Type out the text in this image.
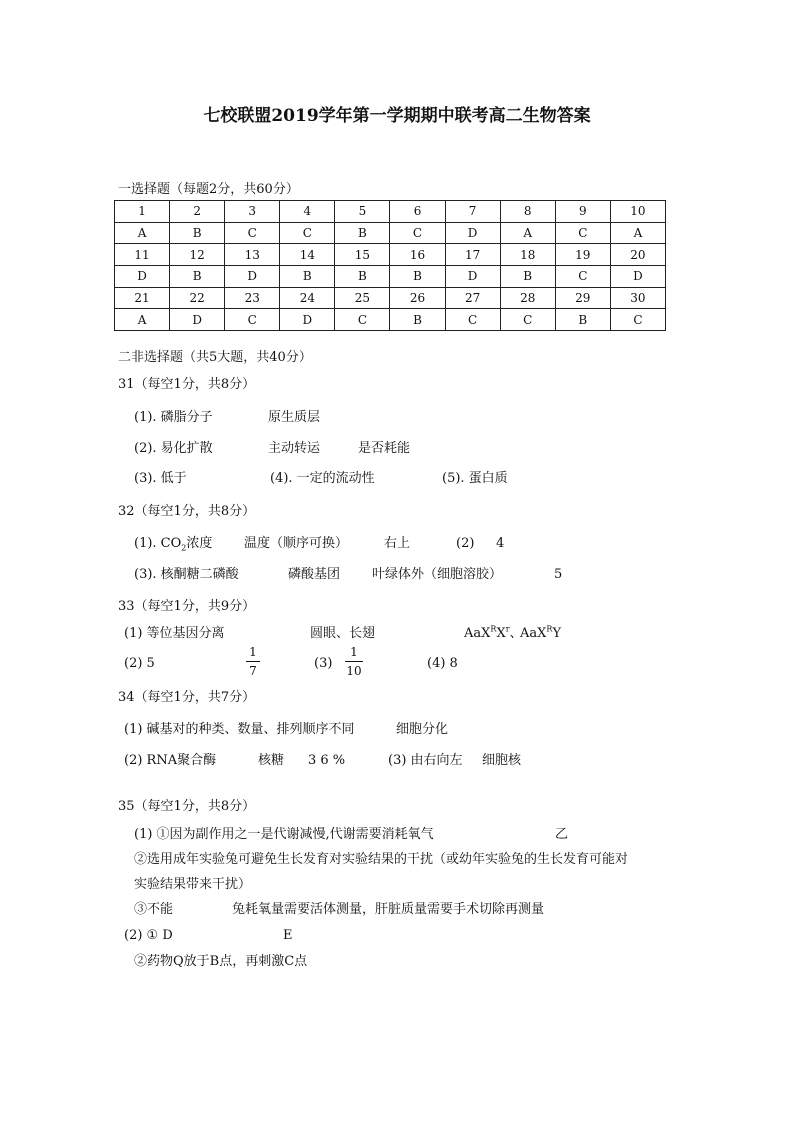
七校联盟2019学年第一学期期中联考高二生物答案
一选择题（每题2分，共60分）
1	2	3	4	5	6	7	8	9	10
A	B	C	C	B	C	D	A	C	A
11	12	13	14	15	16	17	18	19	20
D	B	D	B	B	B	D	B	C	D
21	22	23	24	25	26	27	28	29	30
A	D	C	D	C	B	C	C	B	C
二非选择题（共5大题，共40分）
31（每空1分，共8分）
(1). 磷脂分子	原生质层
(2). 易化扩散	主动转运	是否耗能
(3). 低于	(4). 一定的流动性	(5). 蛋白质
32（每空1分，共8分）
(1). $CO_2$浓度 温度（顺序可换）	右上	(2) 4
(3). 核酮糖二磷酸	磷酸基团 叶绿体外（细胞溶胶）	5
33（每空1分，共9分）
(1) 等位基因分离	圆眼、长翅	$AaX^RX^r$、
AaX$^R$Y
(2) 5
1
7	(3)
1
10	(4) 8
34（每空1分，共7分）
(1) 碱基对的种类、数量、排列顺序不同	细胞分化
(2) RNA聚合酶	核糖 3 6 %	(3) 由右向左 细胞核
35（每空1分，共8分）
(1) ①因为副作用之一是代谢减慢,代谢需要消耗氧气	乙
②选用成年实验兔可避免生长发育对实验结果的干扰（或幼年实验兔的生长发育可能对
实验结果带来干扰）
③不能	兔耗氧量需要活体测量，肝脏质量需要手术切除再测量
(2) ① D	E
②药物Q放于B点，再刺激C点
